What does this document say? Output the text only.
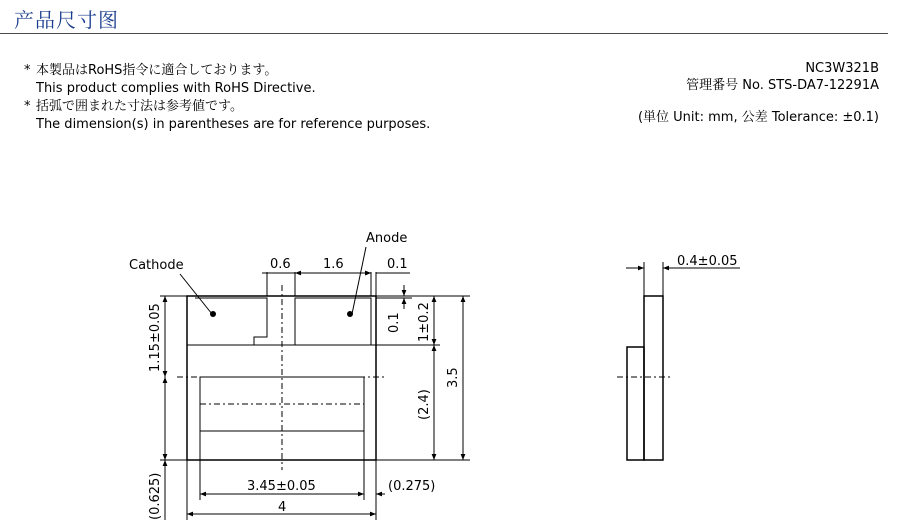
产品尺寸图
* 本製品はRoHS指令に適合しております。
This product complies with RoHS Directive.
* 括弧で囲まれた寸法は参考値です。
The dimension(s) in parentheses are for reference purposes.
NC3W321B
管理番号 No. STS-DA7-12291A
(単位 Unit: mm, 公差 Tolerance: ±0.1)
Cathode
Anode
0.6 1.6	0.1
0.1 1±0.2
(2.4)
3.5
1.15±0.05
(0.625)	3.45±0.05	(0.275)
4
0.4±0.05
